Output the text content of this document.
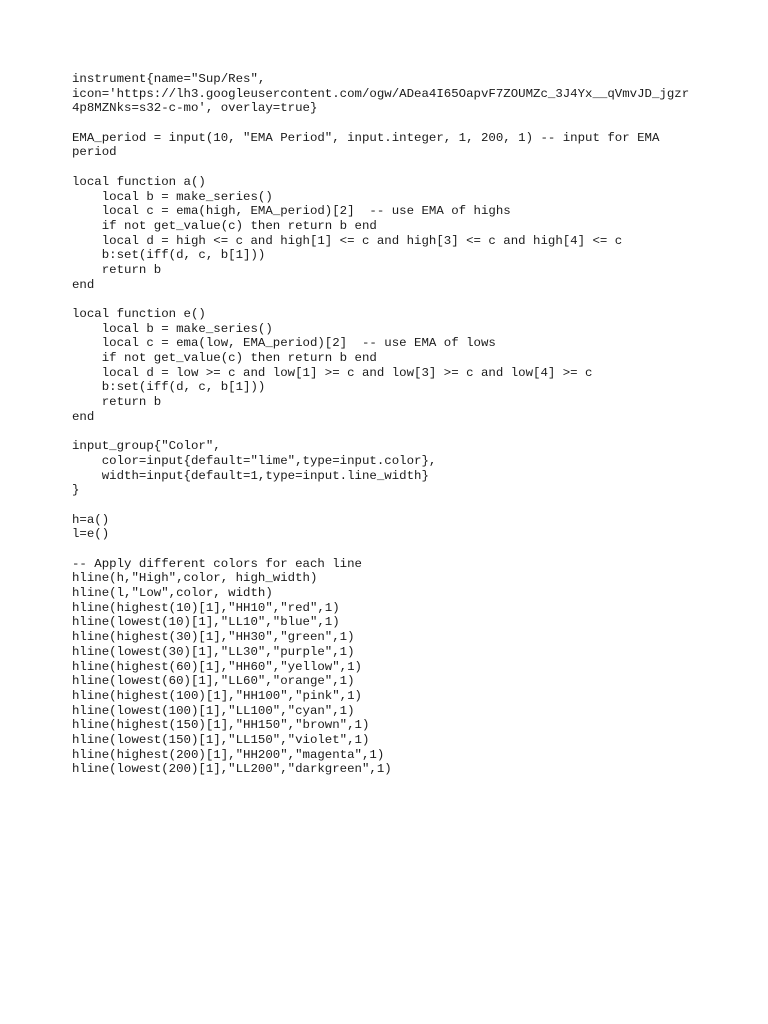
instrument{name="Sup/Res",
icon='https://lh3.googleusercontent.com/ogw/ADea4I65OapvF7ZOUMZc_3J4Yx__qVmvJD_jgzr
4p8MZNks=s32-c-mo', overlay=true}
EMA_period = input(10, "EMA Period", input.integer, 1, 200, 1) -- input for EMA
period
local function a()
local b = make_series()
local c = ema(high, EMA_period)[2]  -- use EMA of highs
if not get_value(c) then return b end
local d = high <= c and high[1] <= c and high[3] <= c and high[4] <= c
b:set(iff(d, c, b[1]))
return b
end
local function e()
local b = make_series()
local c = ema(low, EMA_period)[2]  -- use EMA of lows
if not get_value(c) then return b end
local d = low >= c and low[1] >= c and low[3] >= c and low[4] >= c
b:set(iff(d, c, b[1]))
return b
end
input_group{"Color",
color=input{default="lime",type=input.color},
width=input{default=1,type=input.line_width}
}
h=a()
l=e()
-- Apply different colors for each line
hline(h,"High",color, high_width)
hline(l,"Low",color, width)
hline(highest(10)[1],"HH10","red",1)
hline(lowest(10)[1],"LL10","blue",1)
hline(highest(30)[1],"HH30","green",1)
hline(lowest(30)[1],"LL30","purple",1)
hline(highest(60)[1],"HH60","yellow",1)
hline(lowest(60)[1],"LL60","orange",1)
hline(highest(100)[1],"HH100","pink",1)
hline(lowest(100)[1],"LL100","cyan",1)
hline(highest(150)[1],"HH150","brown",1)
hline(lowest(150)[1],"LL150","violet",1)
hline(highest(200)[1],"HH200","magenta",1)
hline(lowest(200)[1],"LL200","darkgreen",1)
